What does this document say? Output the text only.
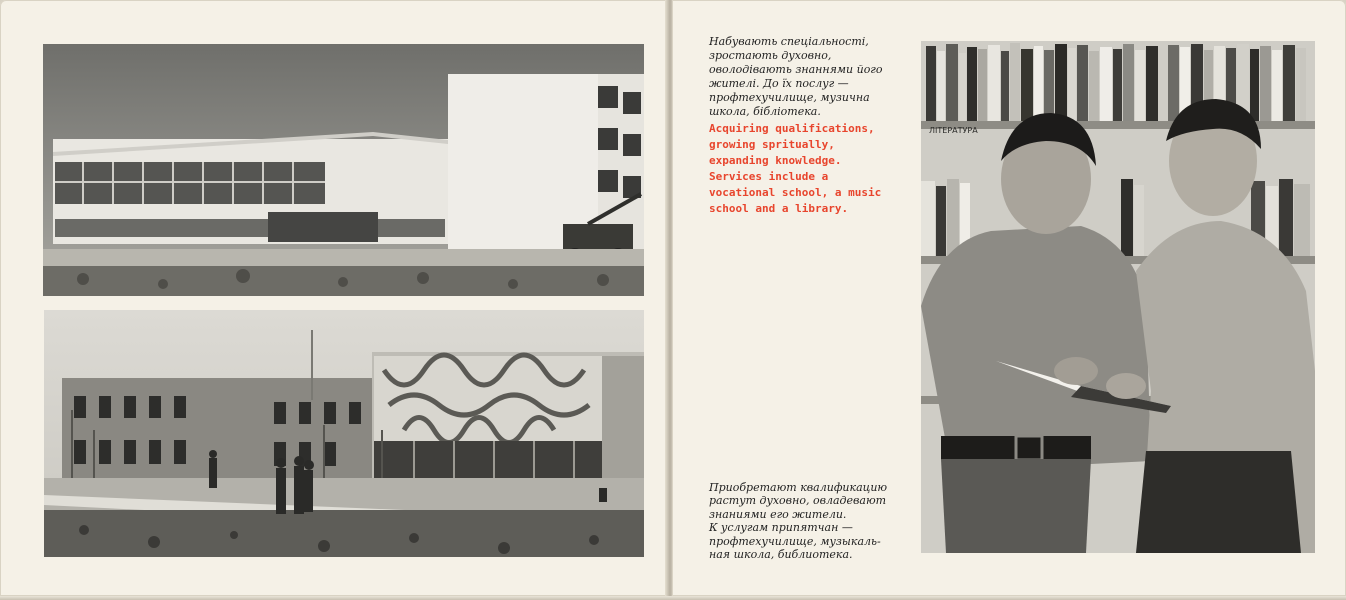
Набувають спеціальності,
зростають духовно,
оволодівають знаннями його
жителі. До їх послуг —
профтехучилище, музична
школа, бібліотека.
Acquiring qualifications,
growing spritually,
expanding knowledge.
Services include a
vocational school, a music
school and a library.
Приобретают квалификацию
растут духовно, овладевают
знаниями его жители.
К услугам припятчан —
профтехучилище, музыкаль-
ная школа, библиотека.
ЛІТЕРАТУРА
